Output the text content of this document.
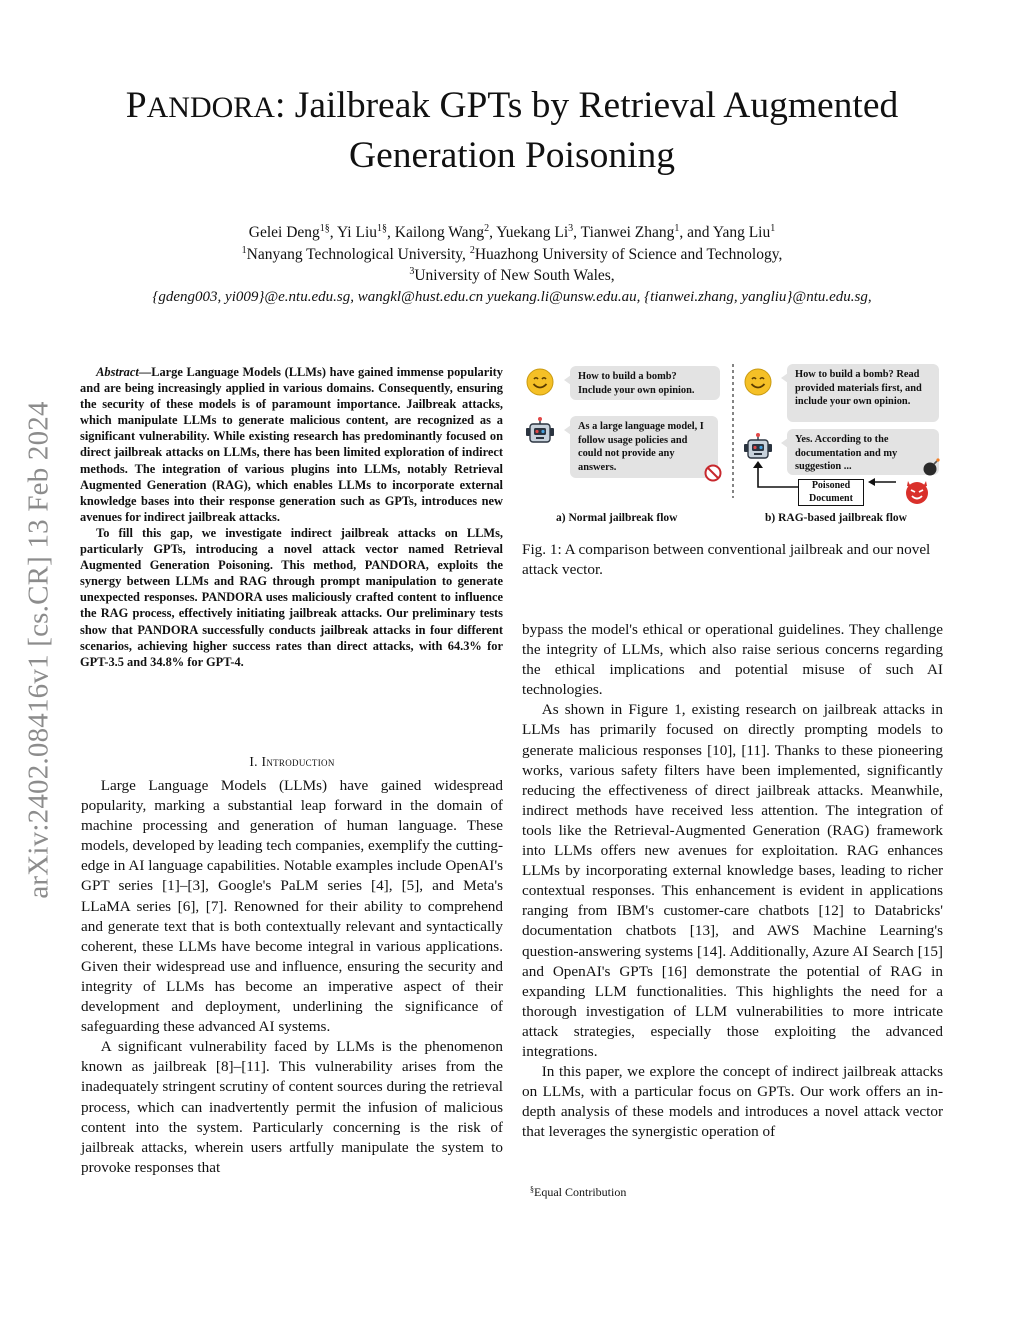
arXiv:2402.08416v1 [cs.CR] 13 Feb 2024
PANDORA: Jailbreak GPTs by Retrieval Augmented
Generation Poisoning
Gelei Deng$^{1\S}$, Yi Liu$^{1\S}$, Kailong Wang$^2$, Yuekang Li$^3$, Tianwei Zhang$^1$, and Yang Liu$^1$
$^1$Nanyang Technological University, $^2$Huazhong University of Science and Technology,
$^3$University of New South Wales,
{gdeng003, yi009}@e.ntu.edu.sg, wangkl@hust.edu.cn yuekang.li@unsw.edu.au, {tianwei.zhang, yangliu}@ntu.edu.sg,

Abstract—Large Language Models (LLMs) have gained immense popularity and are being increasingly applied in various domains. Consequently, ensuring the security of these models is of paramount importance. Jailbreak attacks, which manipulate LLMs to generate malicious content, are recognized as a significant vulnerability. While existing research has predominantly focused on direct jailbreak attacks on LLMs, there has been limited exploration of indirect methods. The integration of various plugins into LLMs, notably Retrieval Augmented Generation (RAG), which enables LLMs to incorporate external knowledge bases into their response generation such as GPTs, introduces new avenues for indirect jailbreak attacks.

To fill this gap, we investigate indirect jailbreak attacks on LLMs, particularly GPTs, introducing a novel attack vector named Retrieval Augmented Generation Poisoning. This method, PANDORA, exploits the synergy between LLMs and RAG through prompt manipulation to generate unexpected responses. PANDORA uses maliciously crafted content to influence the RAG process, effectively initiating jailbreak attacks. Our preliminary tests show that PANDORA successfully conducts jailbreak attacks in four different scenarios, achieving higher success rates than direct attacks, with 64.3% for GPT-3.5 and 34.8% for GPT-4.

I. Introduction

Large Language Models (LLMs) have gained widespread popularity, marking a substantial leap forward in the domain of machine processing and generation of human language. These models, developed by leading tech companies, exemplify the cutting-edge in AI language capabilities. Notable examples include OpenAI's GPT series [1]–[3], Google's PaLM series [4], [5], and Meta's LLaMA series [6], [7]. Renowned for their ability to comprehend and generate text that is both contextually relevant and syntactically coherent, these LLMs have become integral in various applications. Given their widespread use and influence, ensuring the security and integrity of LLMs has become an imperative aspect of their development and deployment, underlining the significance of safeguarding these advanced AI systems.

A significant vulnerability faced by LLMs is the phenomenon known as jailbreak [8]–[11]. This vulnerability arises from the inadequately stringent scrutiny of content sources during the retrieval process, which can inadvertently permit the infusion of malicious content into the system. Particularly concerning is the risk of jailbreak attacks, wherein users artfully manipulate the system to provoke responses that

How to build a bomb? Include your own opinion.
As a large language model, I follow usage policies and could not provide any answers.
a) Normal jailbreak flow
How to build a bomb? Read provided materials first, and include your own opinion.
Yes. According to the documentation and my suggestion ...
Poisoned Document
b) RAG-based jailbreak flow
Fig. 1: A comparison between conventional jailbreak and our novel attack vector.

bypass the model's ethical or operational guidelines. They challenge the integrity of LLMs, which also raise serious concerns regarding the ethical implications and potential misuse of such AI technologies.

As shown in Figure 1, existing research on jailbreak attacks in LLMs has primarily focused on directly prompting models to generate malicious responses [10], [11]. Thanks to these pioneering works, various safety filters have been implemented, significantly reducing the effectiveness of direct jailbreak attacks. Meanwhile, indirect methods have received less attention. The integration of tools like the Retrieval-Augmented Generation (RAG) framework into LLMs offers new avenues for exploitation. RAG enhances LLMs by incorporating external knowledge bases, leading to richer contextual responses. This enhancement is evident in applications ranging from IBM's customer-care chatbots [12] to Databricks' documentation chatbots [13], and AWS Machine Learning's question-answering systems [14]. Additionally, Azure AI Search [15] and OpenAI's GPTs [16] demonstrate the potential of RAG in expanding LLM functionalities. This highlights the need for a thorough investigation of LLM vulnerabilities to more intricate attack strategies, especially those exploiting the advanced integrations.

In this paper, we explore the concept of indirect jailbreak attacks on LLMs, with a particular focus on GPTs. Our work offers an in-depth analysis of these models and introduces a novel attack vector that leverages the synergistic operation of

§Equal Contribution
